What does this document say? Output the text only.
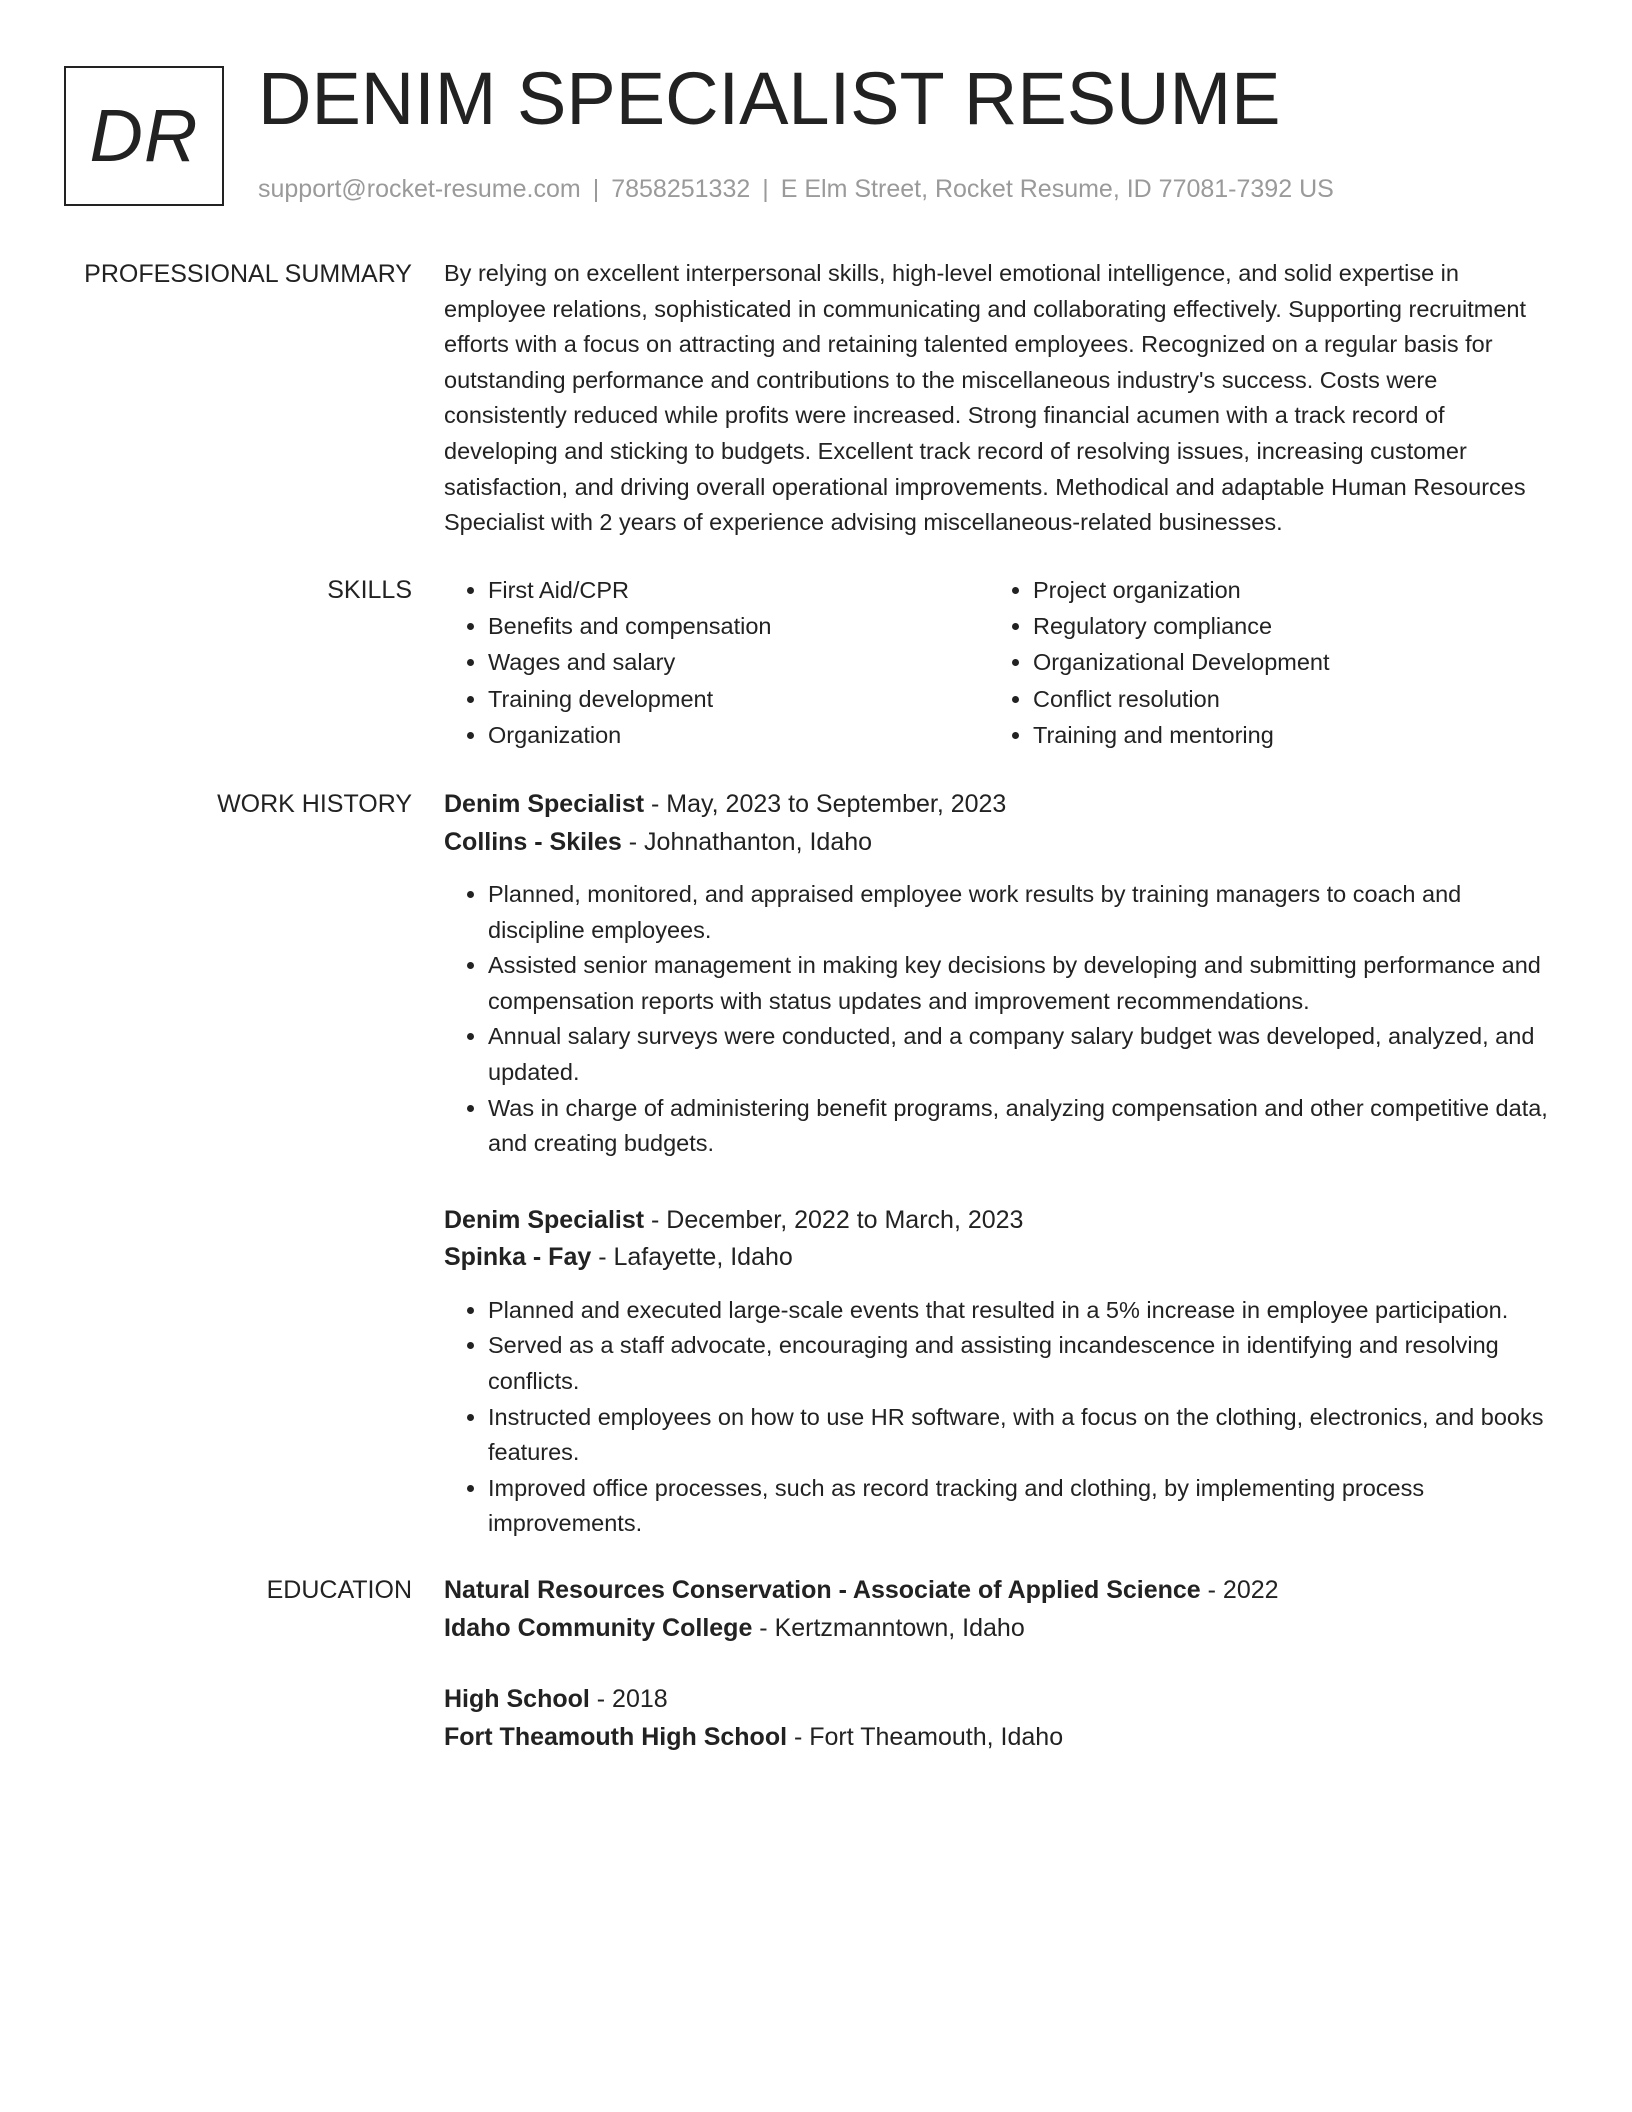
DR DENIM SPECIALIST RESUME
support@rocket-resume.com | 7858251332 | E Elm Street, Rocket Resume, ID 77081-7392 US
PROFESSIONAL SUMMARY By relying on excellent interpersonal skills, high-level emotional intelligence, and solid expertise in employee relations, sophisticated in communicating and collaborating effectively. Supporting recruitment efforts with a focus on attracting and retaining talented employees. Recognized on a regular basis for outstanding performance and contributions to the miscellaneous industry's success. Costs were consistently reduced while profits were increased. Strong financial acumen with a track record of developing and sticking to budgets. Excellent track record of resolving issues, increasing customer satisfaction, and driving overall operational improvements. Methodical and adaptable Human Resources Specialist with 2 years of experience advising miscellaneous-related businesses.

SKILLS
•	First Aid/CPR
• Benefits and compensation
• Wages and salary
• Training development
• Organization
• Project organization
• Regulatory compliance
• Organizational Development
• Conflict resolution
• Training and mentoring
WORK HISTORY Denim Specialist - May, 2023 to September, 2023
Collins - Skiles - Johnathanton, Idaho
• Planned, monitored, and appraised employee work results by training managers to coach and discipline employees.
• Assisted senior management in making key decisions by developing and submitting performance and compensation reports with status updates and improvement recommendations.
• Annual salary surveys were conducted, and a company salary budget was developed, analyzed, and updated.
• Was in charge of administering benefit programs, analyzing compensation and other competitive data, and creating budgets.
Denim Specialist - December, 2022 to March, 2023
Spinka - Fay - Lafayette, Idaho
• Planned and executed large-scale events that resulted in a 5% increase in employee participation.
• Served as a staff advocate, encouraging and assisting incandescence in identifying and resolving conflicts.
• Instructed employees on how to use HR software, with a focus on the clothing, electronics, and books features.
• Improved office processes, such as record tracking and clothing, by implementing process improvements.
EDUCATION Natural Resources Conservation - Associate of Applied Science - 2022
Idaho Community College - Kertzmanntown, Idaho
High School - 2018
Fort Theamouth High School - Fort Theamouth, Idaho
